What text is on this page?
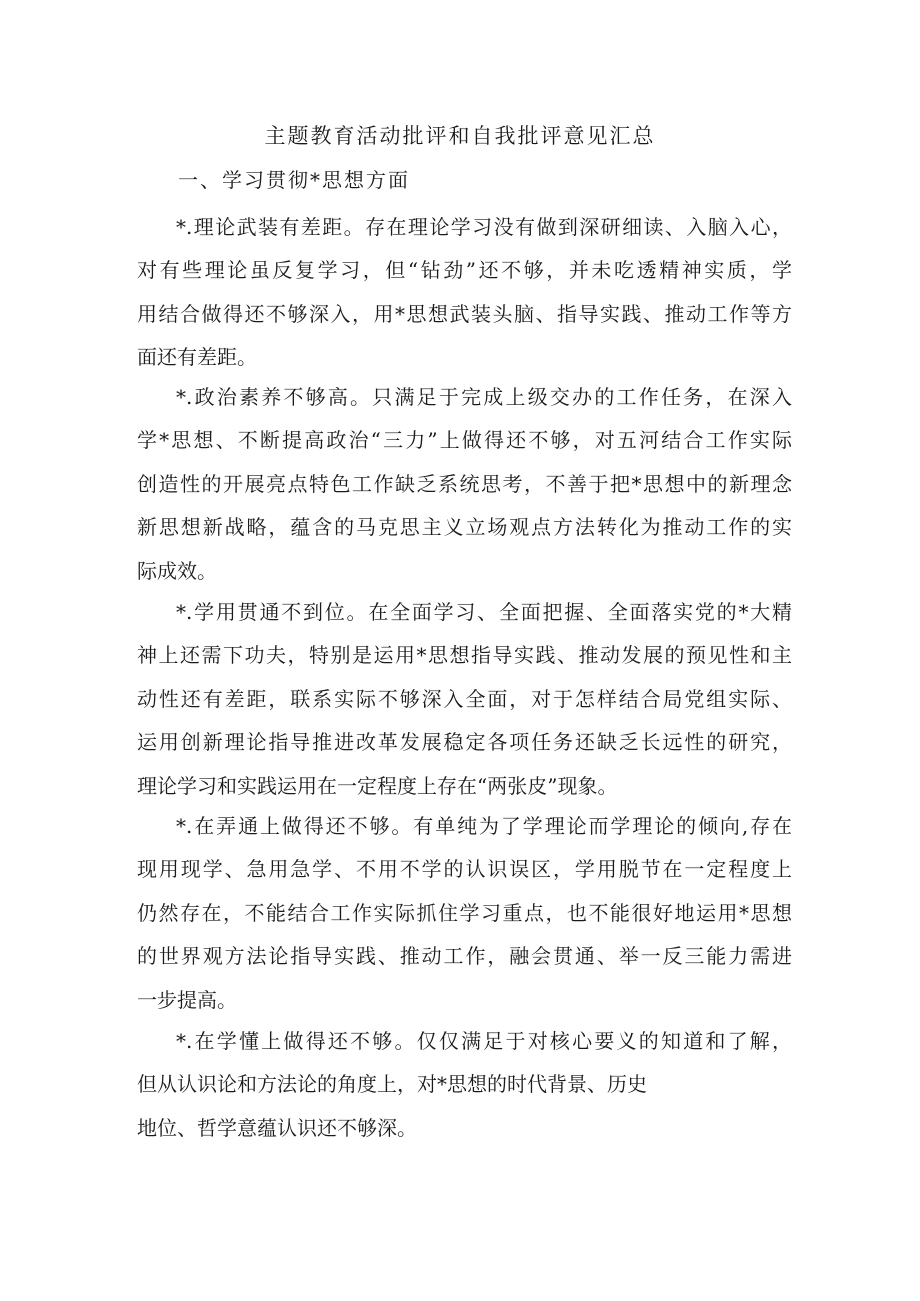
主题教育活动批评和自我批评意见汇总
一、学习贯彻*思想方面
*.理论武装有差距。存在理论学习没有做到深研细读、入脑入心，
对有些理论虽反复学习，但“钻劲”还不够，并未吃透精神实质，学
用结合做得还不够深入，用*思想武装头脑、指导实践、推动工作等方
面还有差距。
*.政治素养不够高。只满足于完成上级交办的工作任务，在深入
学*思想、不断提高政治“三力”上做得还不够，对五河结合工作实际
创造性的开展亮点特色工作缺乏系统思考，不善于把*思想中的新理念
新思想新战略，蕴含的马克思主义立场观点方法转化为推动工作的实
际成效。
*.学用贯通不到位。在全面学习、全面把握、全面落实党的*大精
神上还需下功夫，特别是运用*思想指导实践、推动发展的预见性和主
动性还有差距，联系实际不够深入全面，对于怎样结合局党组实际、
运用创新理论指导推进改革发展稳定各项任务还缺乏长远性的研究，
理论学习和实践运用在一定程度上存在“两张皮”现象。
*.在弄通上做得还不够。有单纯为了学理论而学理论的倾向,存在
现用现学、急用急学、不用不学的认识误区，学用脱节在一定程度上
仍然存在，不能结合工作实际抓住学习重点，也不能很好地运用*思想
的世界观方法论指导实践、推动工作，融会贯通、举一反三能力需进
一步提高。
*.在学懂上做得还不够。仅仅满足于对核心要义的知道和了解，
但从认识论和方法论的角度上，对*思想的时代背景、历史
地位、哲学意蕴认识还不够深。
